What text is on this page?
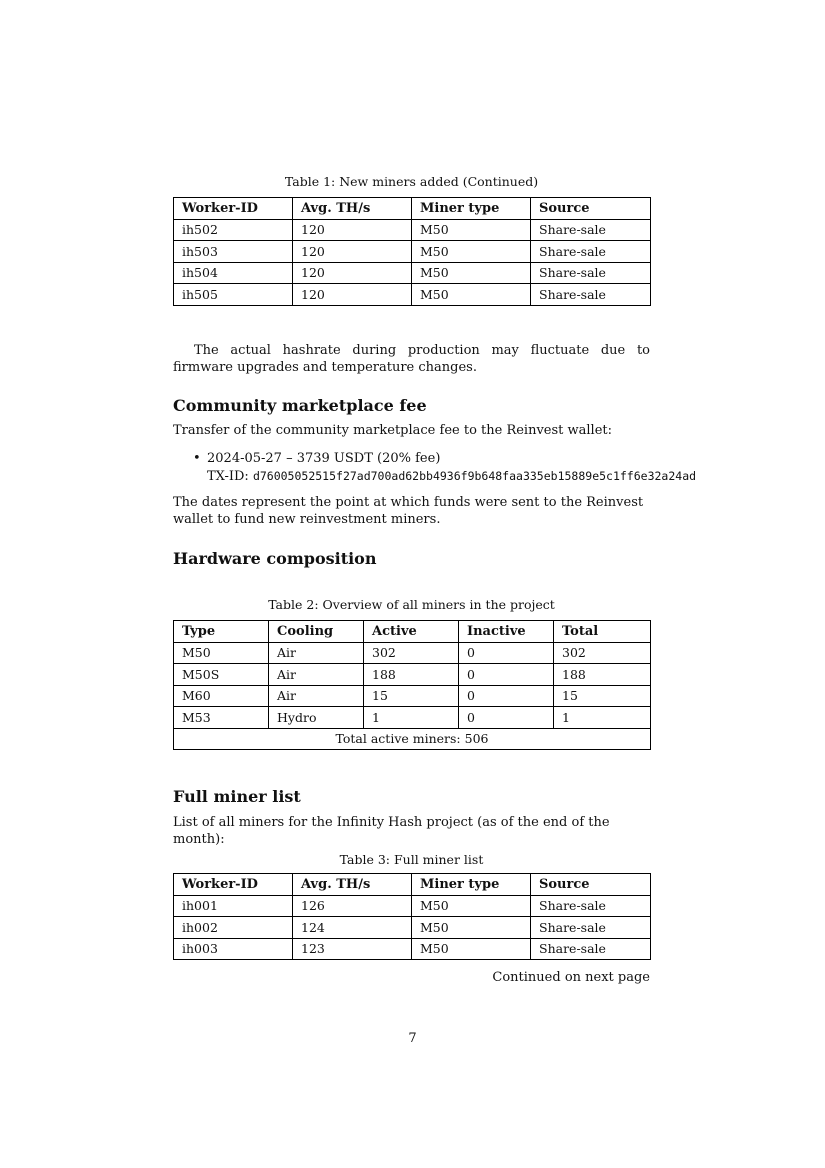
Table 1: New miners added (Continued)
Worker-ID	Avg. TH/s	Miner type	Source
ih502	120	M50	Share-sale
ih503	120	M50	Share-sale
ih504	120	M50	Share-sale
ih505	120	M50	Share-sale
The actual hashrate during production may fluctuate due to firmware upgrades and temperature changes.
Community marketplace fee
Transfer of the community marketplace fee to the Reinvest wallet:
• 2024-05-27 – 3739 USDT (20% fee)
TX-ID: d76005052515f27ad700ad62bb4936f9b648faa335eb15889e5c1ff6e32a24ad
The dates represent the point at which funds were sent to the Reinvest wallet to fund new reinvestment miners.
Hardware composition
Table 2: Overview of all miners in the project
Type	Cooling	Active	Inactive	Total
M50	Air	302	0	302
M50S	Air	188	0	188
M60	Air	15	0	15
M53	Hydro	1	0	1
Total active miners: 506				
Full miner list
List of all miners for the Infinity Hash project (as of the end of the month):
Table 3: Full miner list
Worker-ID	Avg. TH/s	Miner type	Source
ih001	126	M50	Share-sale
ih002	124	M50	Share-sale
ih003	123	M50	Share-sale
Continued on next page
7
